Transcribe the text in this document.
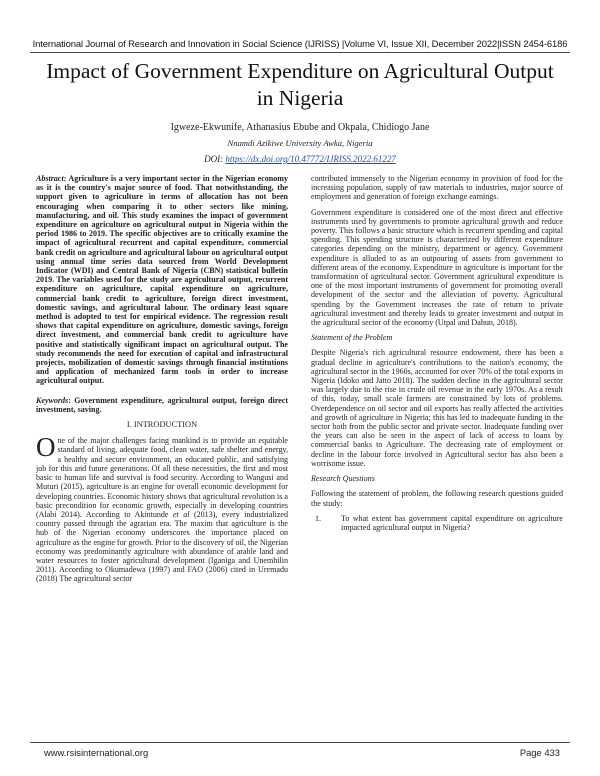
International Journal of Research and Innovation in Social Science (IJRISS) |Volume VI, Issue XII, December 2022|ISSN 2454-6186
Impact of Government Expenditure on Agricultural Output in Nigeria
Igweze-Ekwunife, Athanasius Ebube and Okpala, Chidiogo Jane
Nnamdi Azikiwe University Awka, Nigeria
DOI: https://dx.doi.org/10.47772/IJRISS.2022.61227
Abstract: Agriculture is a very important sector in the Nigerian economy as it is the country's major source of food. That notwithstanding, the support given to agriculture in terms of allocation has not been encouraging when comparing it to other sectors like mining, manufacturing, and oil. This study examines the impact of government expenditure on agriculture on agricultural output in Nigeria within the period 1986 to 2019. The specific objectives are to critically examine the impact of agricultural recurrent and capital expenditure, commercial bank credit on agriculture and agricultural labour on agricultural output using annual time series data sourced from World Development Indicator (WDI) and Central Bank of Nigeria (CBN) statistical bulletin 2019. The variables used for the study are agricultural output, recurrent expenditure on agriculture, capital expenditure on agriculture, commercial bank credit to agriculture, foreign direct investment, domestic savings, and agricultural labour. The ordinary least square method is adopted to test for empirical evidence. The regression result shows that capital expenditure on agriculture, domestic savings, foreign direct investment, and commercial bank credit to agriculture have positive and statistically significant impact on agricultural output. The study recommends the need for execution of capital and infrastructural projects, mobilization of domestic savings through financial institutions and application of mechanized farm tools in order to increase agricultural output.
Keywords: Government expenditure, agricultural output, foreign direct investment, saving.
I. INTRODUCTION

One of the major challenges facing mankind is to provide an equitable standard of living, adequate food, clean water, safe shelter and energy, a healthy and secure environment, an educated public, and satisfying job for this and future generations. Of all these necessities, the first and most basic to human life and survival is food security. According to Wangusi and Muturi (2015), agriculture is an engine for overall economic development for developing countries. Economic history shows that agricultural revolution is a basic precondition for economic growth, especially in developing countries (Alabi 2014). According to Akintunde et al (2013), every industrialized country passed through the agrarian era. The maxim that agriculture is the hub of the Nigerian economy underscores the importance placed on agriculture as the engine for growth. Prior to the discovery of oil, the Nigerian economy was predominantly agriculture with abundance of arable land and water resources to foster agricultural development (Iganiga and Unemhilin 2011). According to Okumadewa (1997) and FAO (2006) cited in Uremadu (2018) The agricultural sector

contributed immensely to the Nigerian economy in provision of food for the increasing population, supply of raw materials to industries, major source of employment and generation of foreign exchange earnings.

Government expenditure is considered one of the most direct and effective instruments used by governments to promote agricultural growth and reduce poverty. This follows a basic structure which is recurrent spending and capital spending. This spending structure is characterized by different expenditure categories depending on the ministry, department or agency. Government expenditure is alluded to as an outpouring of assets from government to different areas of the economy. Expenditure in agriculture is important for the transformation of agricultural sector. Government agricultural expenditure is one of the most important instruments of government for promoting overall development of the sector and the alleviation of poverty. Agricultural spending by the Government increases the rate of return to private agricultural investment and thereby leads to greater investment and output in the agricultural sector of the economy (Utpal and Dahun, 2018).

Statement of the Problem

Despite Nigeria's rich agricultural resource endowment, there has been a gradual decline in agriculture's contributions to the nation's economy, the agricultural sector in the 1960s, accounted for over 70% of the total exports in Nigeria (Idoko and Jatto 2018). The sudden decline in the agricultural sector was largely due to the rise in crude oil revenue in the early 1970s. As a result of this, today, small scale farmers are constrained by lots of problems. Overdependence on oil sector and oil exports has really affected the activities and growth of agriculture in Nigeria; this has led to inadequate funding in the sector both from the public sector and private sector. Inadequate funding over the years can also be seen in the aspect of lack of access to loans by commercial banks to Agriculture. The decreasing rate of employment or decline in the labour force involved in Agricultural sector has also been a worrisome issue.

Research Questions

Following the statement of problem, the following research questions guided the study:

1.	To what extent has government capital expenditure on agriculture impacted agricultural output in Nigeria?
www.rsisinternational.org	Page 433
